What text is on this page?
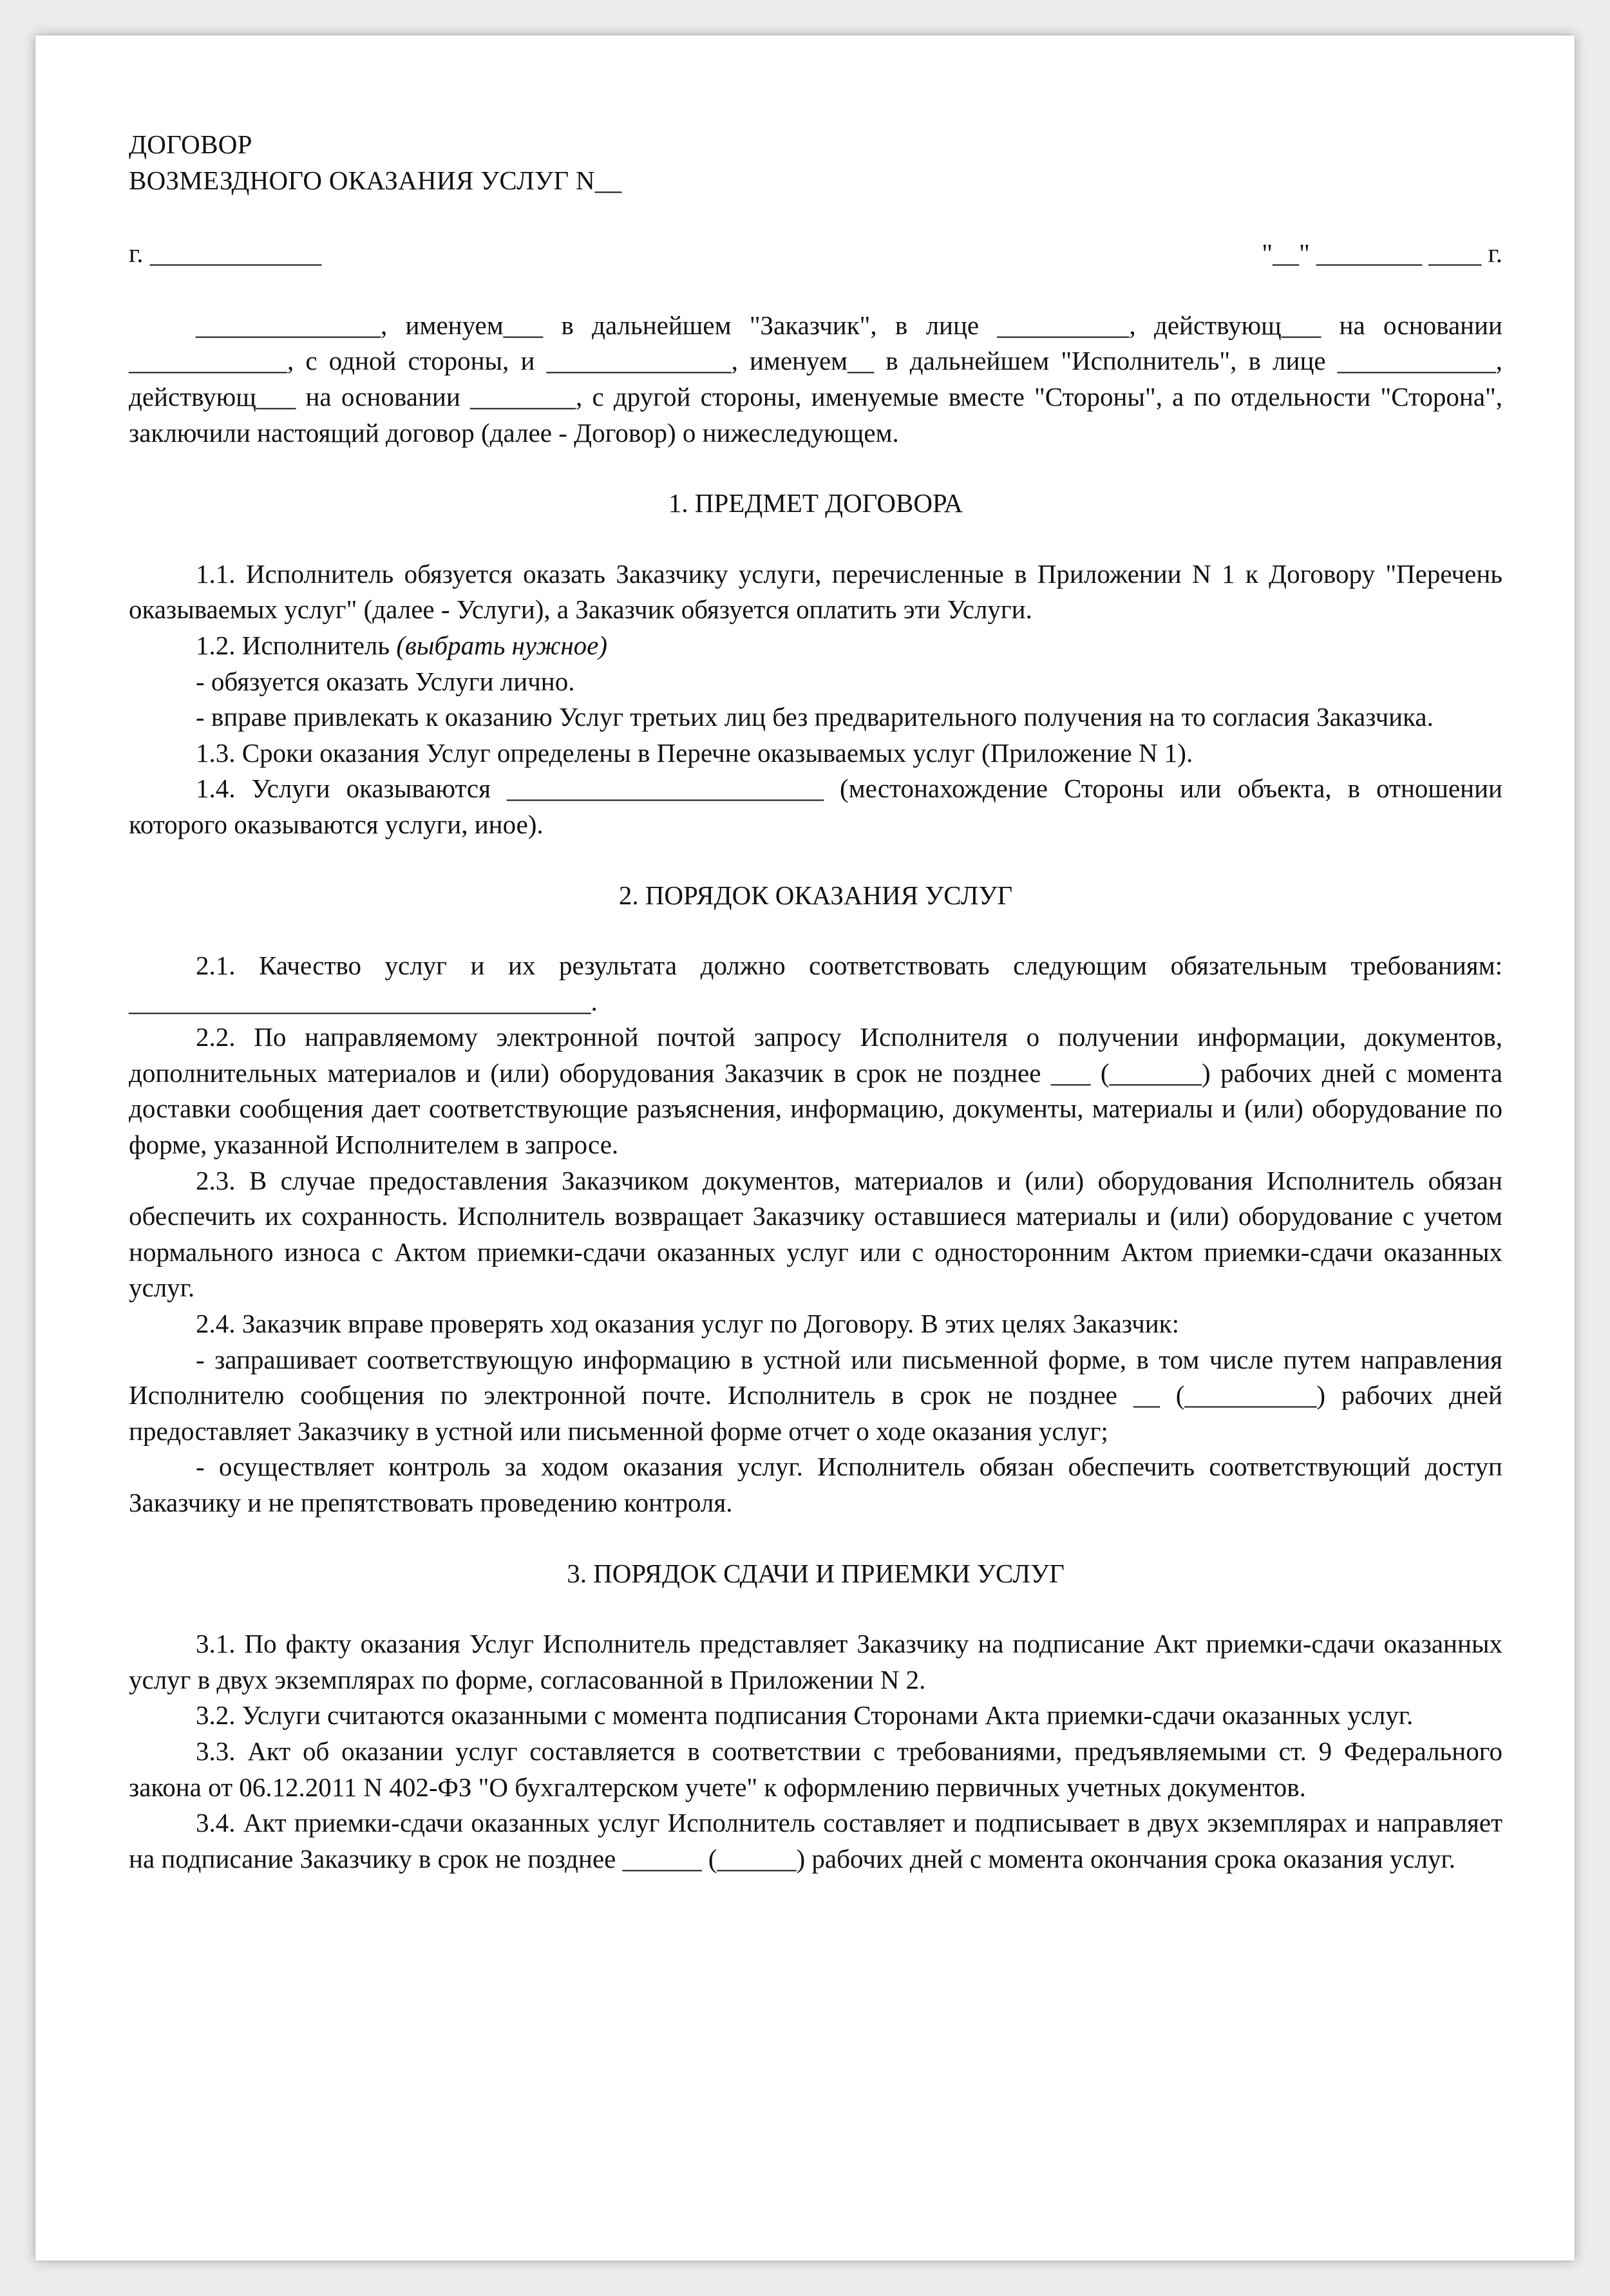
ДОГОВОР

ВОЗМЕЗДНОГО ОКАЗАНИЯ УСЛУГ N__

г. _____________	"__" ________ ____ г.

______________, именуем___ в дальнейшем "Заказчик", в лице __________, действующ___ на основании ____________, с одной стороны, и ______________, именуем__ в дальнейшем "Исполнитель", в лице ____________, действующ___ на основании ________, с другой стороны, именуемые вместе "Стороны", а по отдельности "Сторона", заключили настоящий договор (далее - Договор) о нижеследующем.

1. ПРЕДМЕТ ДОГОВОРА

1.1. Исполнитель обязуется оказать Заказчику услуги, перечисленные в Приложении N 1 к Договору "Перечень оказываемых услуг" (далее - Услуги), а Заказчик обязуется оплатить эти Услуги.

1.2. Исполнитель (выбрать нужное)

- обязуется оказать Услуги лично.

- вправе привлекать к оказанию Услуг третьих лиц без предварительного получения на то согласия Заказчика.

1.3. Сроки оказания Услуг определены в Перечне оказываемых услуг (Приложение N 1).

1.4. Услуги оказываются ________________________ (местонахождение Стороны или объекта, в отношении которого оказываются услуги, иное).

2. ПОРЯДОК ОКАЗАНИЯ УСЛУГ

2.1. Качество услуг и их результата должно соответствовать следующим обязательным требованиям: ___________________________________.

2.2. По направляемому электронной почтой запросу Исполнителя о получении информации, документов, дополнительных материалов и (или) оборудования Заказчик в срок не позднее ___ (_______) рабочих дней с момента доставки сообщения дает соответствующие разъяснения, информацию, документы, материалы и (или) оборудование по форме, указанной Исполнителем в запросе.

2.3. В случае предоставления Заказчиком документов, материалов и (или) оборудования Исполнитель обязан обеспечить их сохранность. Исполнитель возвращает Заказчику оставшиеся материалы и (или) оборудование с учетом нормального износа с Актом приемки-сдачи оказанных услуг или с односторонним Актом приемки-сдачи оказанных услуг.

2.4. Заказчик вправе проверять ход оказания услуг по Договору. В этих целях Заказчик:

- запрашивает соответствующую информацию в устной или письменной форме, в том числе путем направления Исполнителю сообщения по электронной почте. Исполнитель в срок не позднее __ (__________) рабочих дней предоставляет Заказчику в устной или письменной форме отчет о ходе оказания услуг;

- осуществляет контроль за ходом оказания услуг. Исполнитель обязан обеспечить соответствующий доступ Заказчику и не препятствовать проведению контроля.

3. ПОРЯДОК СДАЧИ И ПРИЕМКИ УСЛУГ

3.1. По факту оказания Услуг Исполнитель представляет Заказчику на подписание Акт приемки-сдачи оказанных услуг в двух экземплярах по форме, согласованной в Приложении N 2.

3.2. Услуги считаются оказанными с момента подписания Сторонами Акта приемки-сдачи оказанных услуг.

3.3. Акт об оказании услуг составляется в соответствии с требованиями, предъявляемыми ст. 9 Федерального закона от 06.12.2011 N 402-ФЗ "О бухгалтерском учете" к оформлению первичных учетных документов.

3.4. Акт приемки-сдачи оказанных услуг Исполнитель составляет и подписывает в двух экземплярах и направляет на подписание Заказчику в срок не позднее ______ (______) рабочих дней с момента окончания срока оказания услуг.
